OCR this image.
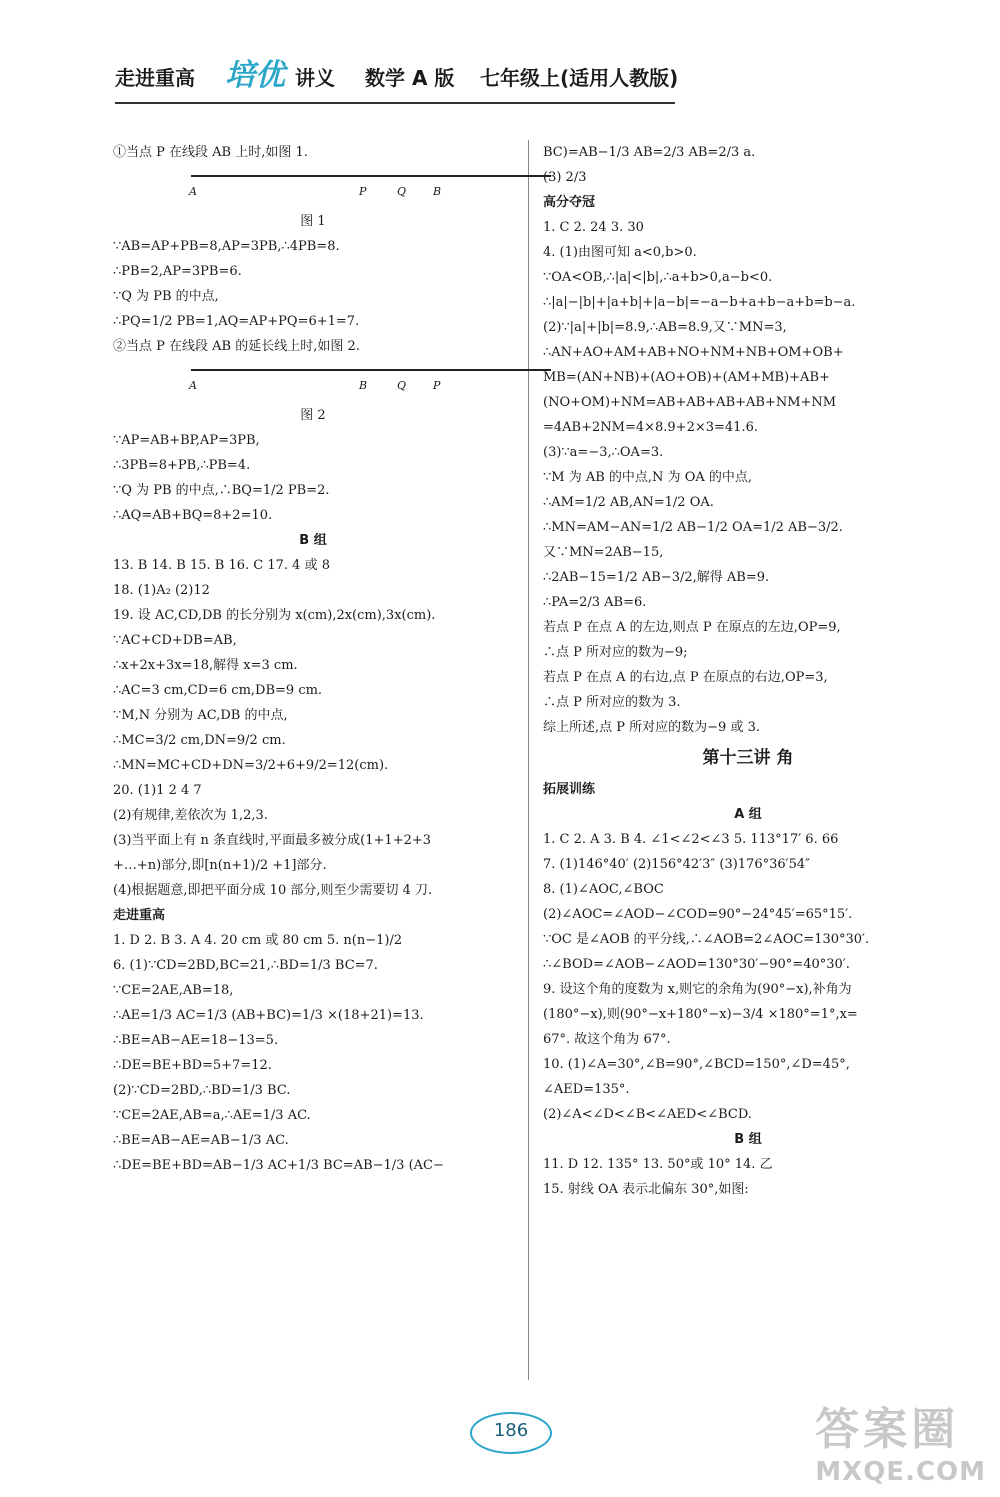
走进重高 培优 讲义 数学 A 版 七年级上(适用人教版)
①当点 P 在线段 AB 上时,如图 1.
A	P	Q B
图 1
∵AB=AP+PB=8,AP=3PB,∴4PB=8.
∴PB=2,AP=3PB=6.
∵Q 为 PB 的中点,
∴PQ=1/2 PB=1,AQ=AP+PQ=6+1=7.
②当点 P 在线段 AB 的延长线上时,如图 2.
A	B	Q P
图 2
∵AP=AB+BP,AP=3PB,
∴3PB=8+PB,∴PB=4.
∵Q 为 PB 的中点,∴BQ=1/2 PB=2.
∴AQ=AB+BQ=8+2=10.
B 组
13. B 14. B 15. B 16. C 17. 4 或 8
18. (1)A₂ (2)12
19. 设 AC,CD,DB 的长分别为 x(cm),2x(cm),3x(cm).
∵AC+CD+DB=AB,
∴x+2x+3x=18,解得 x=3 cm.
∴AC=3 cm,CD=6 cm,DB=9 cm.
∵M,N 分别为 AC,DB 的中点,
∴MC=3/2 cm,DN=9/2 cm.
∴MN=MC+CD+DN=3/2+6+9/2=12(cm).
20. (1)1 2 4 7
(2)有规律,差依次为 1,2,3.
(3)当平面上有 n 条直线时,平面最多被分成(1+1+2+3
+…+n)部分,即[n(n+1)/2 +1]部分.
(4)根据题意,即把平面分成 10 部分,则至少需要切 4 刀.
走进重高
1. D 2. B 3. A 4. 20 cm 或 80 cm 5. n(n−1)/2
6. (1)∵CD=2BD,BC=21,∴BD=1/3 BC=7.
∵CE=2AE,AB=18,
∴AE=1/3 AC=1/3 (AB+BC)=1/3 ×(18+21)=13.
∴BE=AB−AE=18−13=5.
∴DE=BE+BD=5+7=12.
(2)∵CD=2BD,∴BD=1/3 BC.
∵CE=2AE,AB=a,∴AE=1/3 AC.
∴BE=AB−AE=AB−1/3 AC.
∴DE=BE+BD=AB−1/3 AC+1/3 BC=AB−1/3 (AC−
BC)=AB−1/3 AB=2/3 AB=2/3 a.
(3) 2/3
高分夺冠
1. C 2. 24 3. 30
4. (1)由图可知 a<0,b>0.
∵OA<OB,∴|a|<|b|,∴a+b>0,a−b<0.
∴|a|−|b|+|a+b|+|a−b|=−a−b+a+b−a+b=b−a.
(2)∵|a|+|b|=8.9,∴AB=8.9,又∵MN=3,
∴AN+AO+AM+AB+NO+NM+NB+OM+OB+
MB=(AN+NB)+(AO+OB)+(AM+MB)+AB+
(NO+OM)+NM=AB+AB+AB+AB+NM+NM
=4AB+2NM=4×8.9+2×3=41.6.
(3)∵a=−3,∴OA=3.
∵M 为 AB 的中点,N 为 OA 的中点,
∴AM=1/2 AB,AN=1/2 OA.
∴MN=AM−AN=1/2 AB−1/2 OA=1/2 AB−3/2.
又∵MN=2AB−15,
∴2AB−15=1/2 AB−3/2,解得 AB=9.
∴PA=2/3 AB=6.
若点 P 在点 A 的左边,则点 P 在原点的左边,OP=9,
∴点 P 所对应的数为−9;
若点 P 在点 A 的右边,点 P 在原点的右边,OP=3,
∴点 P 所对应的数为 3.
综上所述,点 P 所对应的数为−9 或 3.
第十三讲 角
拓展训练
A 组
1. C 2. A 3. B 4. ∠1<∠2<∠3 5. 113°17′ 6. 66
7. (1)146°40′ (2)156°42′3″ (3)176°36′54″
8. (1)∠AOC,∠BOC
(2)∠AOC=∠AOD−∠COD=90°−24°45′=65°15′.
∵OC 是∠AOB 的平分线,∴∠AOB=2∠AOC=130°30′.
∴∠BOD=∠AOB−∠AOD=130°30′−90°=40°30′.
9. 设这个角的度数为 x,则它的余角为(90°−x),补角为
(180°−x),则(90°−x+180°−x)−3/4 ×180°=1°,x=
67°. 故这个角为 67°.
10. (1)∠A=30°,∠B=90°,∠BCD=150°,∠D=45°,
∠AED=135°.
(2)∠A<∠D<∠B<∠AED<∠BCD.
B 组
11. D 12. 135° 13. 50°或 10° 14. 乙
15. 射线 OA 表示北偏东 30°,如图:
186	答案圈
MXQE.COM
